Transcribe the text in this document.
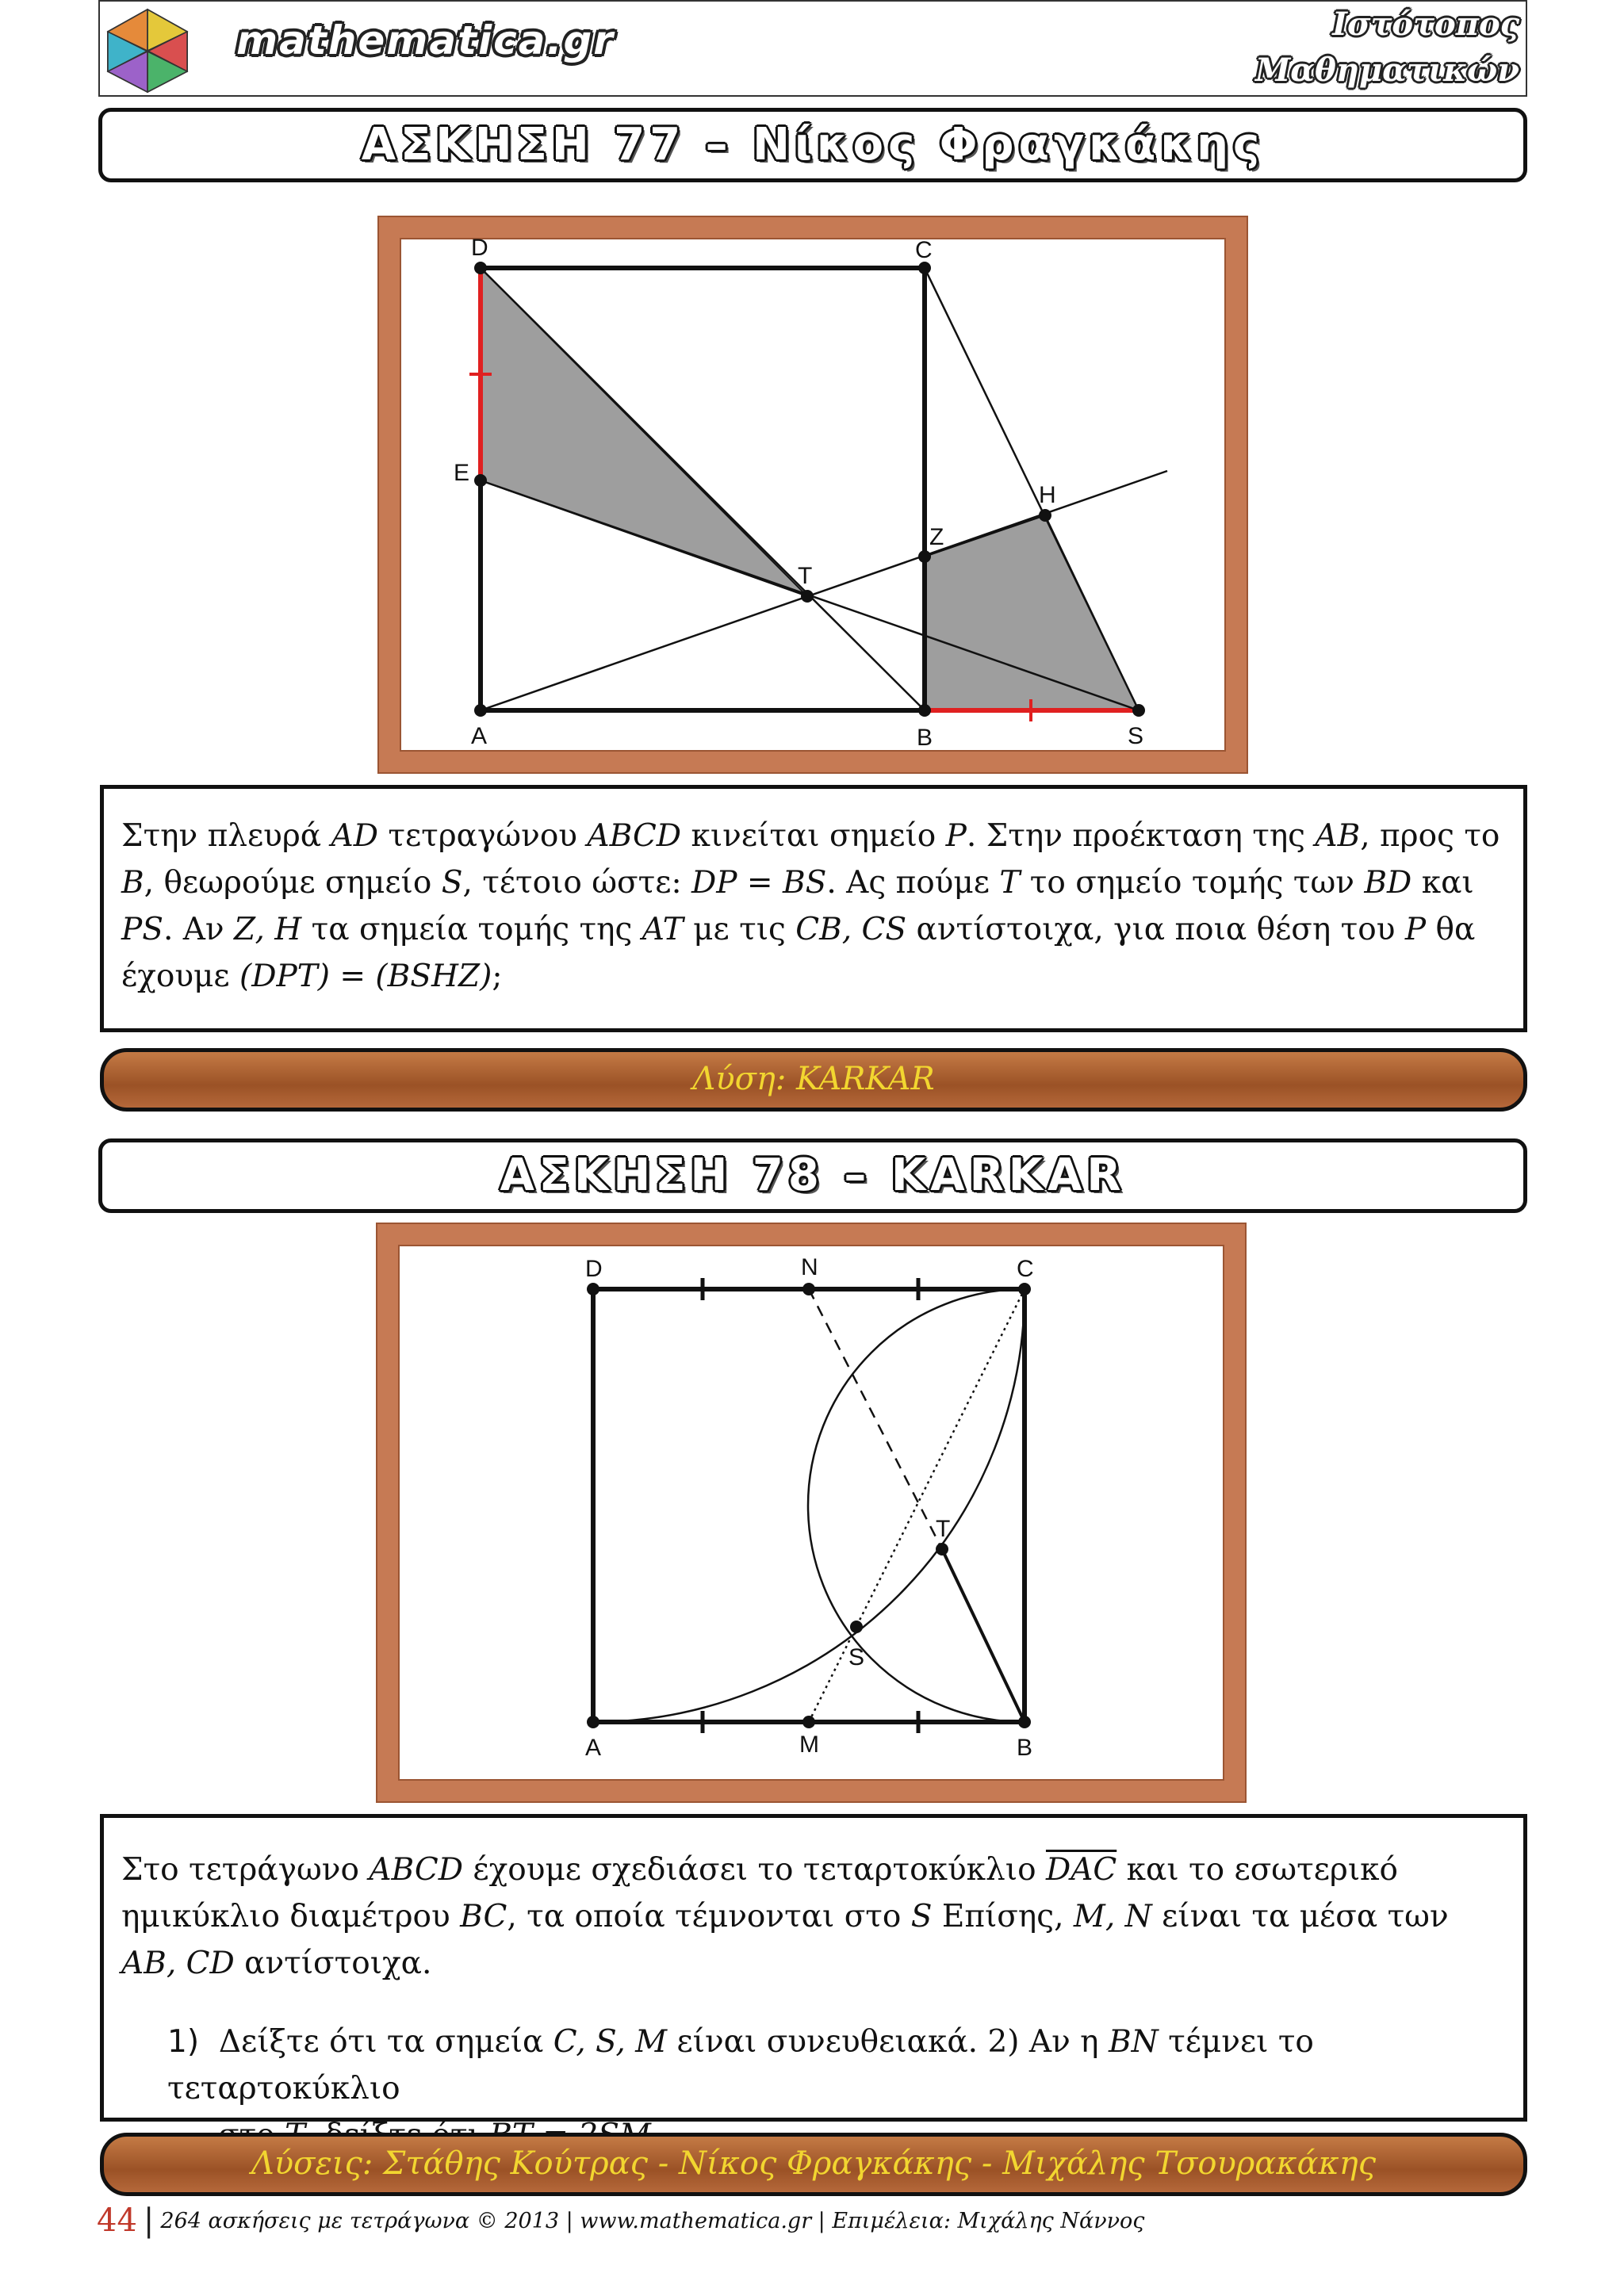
mathematica.gr	Ιστότοπος
Μαθηματικών
ΑΣΚΗΣΗ 77 – Νίκος Φραγκάκης
D	C
E
H
Z
T
A	B	S

Στην πλευρά AD τετραγώνου ABCD κινείται σημείο P. Στην προέκταση της AB, προς το

B, θεωρούμε σημείο S, τέτοιο ώστε: DP = BS. Ας πούμε T το σημείο τομής των BD και

PS. Αν Z, H τα σημεία τομής της AT με τις CB, CS αντίστοιχα, για ποια θέση του P θα

έχουμε (DPT) = (BSHZ);

Λύση: KARKAR
ΑΣΚΗΣΗ 78 – KARKAR
D	N	C
T
S
A	M	B

Στο τετράγωνο ABCD έχουμε σχεδιάσει το τεταρτοκύκλιο $\overline{DAC}$ και το εσωτερικό

ημικύκλιο διαμέτρου BC, τα οποία τέμνονται στο S Επίσης, M, N είναι τα μέσα των

AB, CD αντίστοιχα.

1) Δείξτε ότι τα σημεία C, S, M είναι συνευθειακά. 2) Αν η BN τέμνει το τεταρτοκύκλιο

Λύσεις: Στάθης Κούτρας - Νίκος Φραγκάκης - Μιχάλης Τσουρακάκης
44 | 264 ασκήσεις με τετράγωνα © 2013 | www.mathematica.gr | Επιμέλεια: Μιχάλης Νάννος
